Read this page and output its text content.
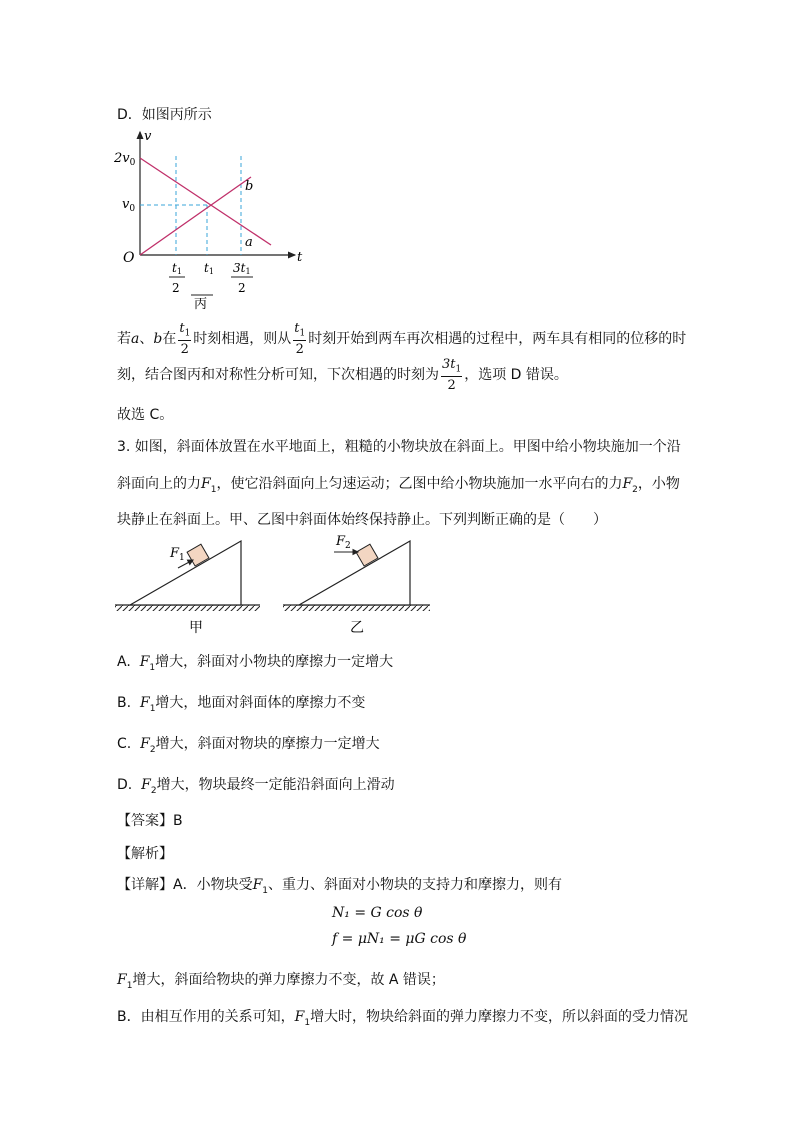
D．如图丙所示
v
t
O
$2v_0$
$v_0$
b
a
t1
2
t1 3t1
2
丙
若a、b在 $\frac{t_1}{2}$ 时刻相遇，则从 $\frac{t_1}{2}$ 时刻开始到两车再次相遇的过程中，两车具有相同的位移的时
刻，结合图丙和对称性分析可知，下次相遇的时刻为 $\frac{3t_1}{2}$ ，选项 D 错误。
故选 C。
3. 如图，斜面体放置在水平地面上，粗糙的小物块放在斜面上。甲图中给小物块施加一个沿
斜面向上的力$F_1$，使它沿斜面向上匀速运动；乙图中给小物块施加一水平向右的力$F_2$，小物
块静止在斜面上。甲、乙图中斜面体始终保持静止。下列判断正确的是（　　）
$F_1$
甲
$F_2$
乙
A. $F_1$增大，斜面对小物块的摩擦力一定增大
B. $F_1$增大，地面对斜面体的摩擦力不变
C. $F_2$增大，斜面对物块的摩擦力一定增大
D. $F_2$增大，物块最终一定能沿斜面向上滑动
【答案】B
【解析】
【详解】A．小物块受$F_1$、重力、斜面对小物块的支持力和摩擦力，则有
N₁ = G cos θ
f = μN₁ = μG cos θ
$F_1$增大，斜面给物块的弹力摩擦力不变，故 A 错误；
B．由相互作用的关系可知，$F_1$增大时，物块给斜面的弹力摩擦力不变，所以斜面的受力情况
